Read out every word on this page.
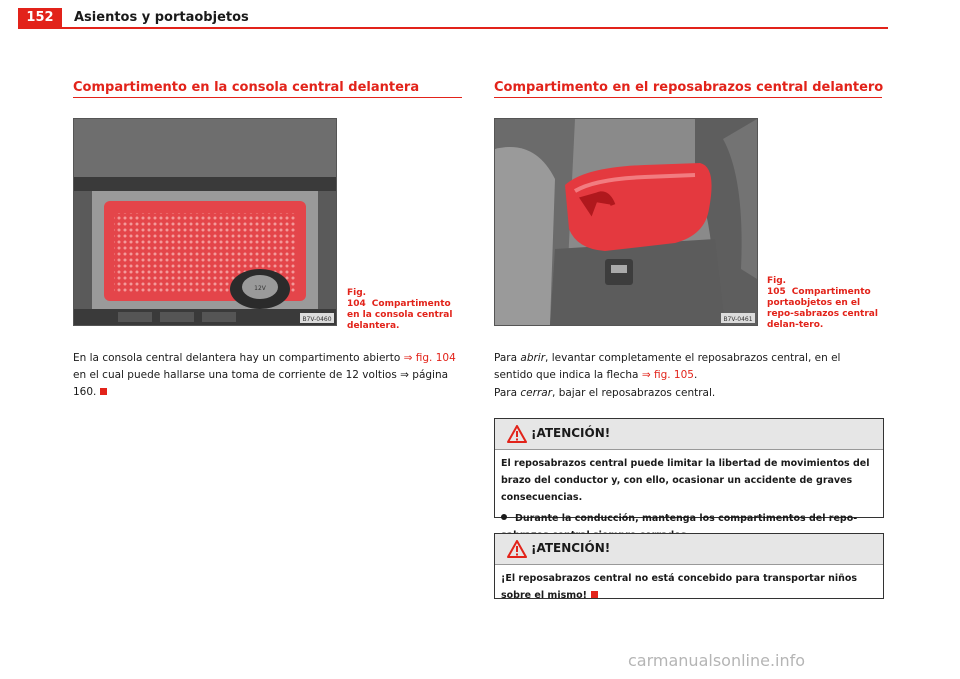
152	Asientos y portaobjetos
Compartimento en la consola central delantera
12V
B7V-0460
Fig. 104 Compartimento en la consola central delantera.
En la consola central delantera hay un compartimento abierto ⇒ fig. 104 en el cual puede hallarse una toma de corriente de 12 voltios ⇒ página 160.
Compartimento en el reposabrazos central delantero
B7V-0461
Fig. 105 Compartimento portaobjetos en el repo-sabrazos central delan-tero.
Para abrir, levantar completamente el reposabrazos central, en el sentido que indica la flecha ⇒ fig. 105.
Para cerrar, bajar el reposabrazos central.
¡ATENCIÓN!

El reposabrazos central puede limitar la libertad de movimientos del brazo del conductor y, con ello, ocasionar un accidente de graves consecuencias.

Durante la conducción, mantenga los compartimentos del repo-

¡ATENCIÓN!

¡El reposabrazos central no está concebido para transportar niños sobre el mismo!

carmanualsonline.info
